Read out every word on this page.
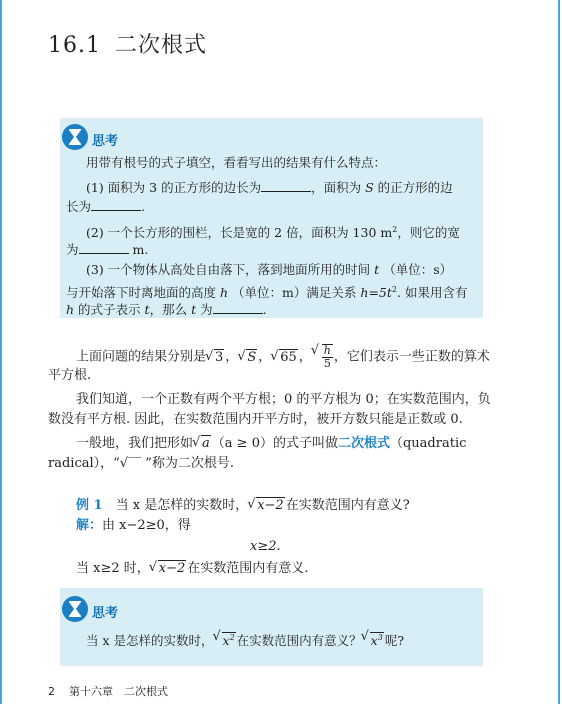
16.1 二次根式
思考
用带有根号的式子填空，看看写出的结果有什么特点：
(1) 面积为 3 的正方形的边长为	，面积为 S 的正方形的边
长为	.
(2) 一个长方形的围栏，长是宽的 2 倍，面积为 130 $m^2$，则它的宽
为	m.
(3) 一个物体从高处自由落下，落到地面所用的时间 t （单位：s）
与开始落下时离地面的高度 h （单位：m）满足关系 $h=5t^2$. 如果用含有
h 的式子表示 t，那么 t 为	.
上面问题的结果分别是 √ 3 ， √ S ， √ 65 ， √ $\frac{h}{5}$ ，它们表示一些正数的算术
平方根.
我们知道，一个正数有两个平方根；0 的平方根为 0；在实数范围内，负
数没有平方根. 因此，在实数范围内开平方时，被开方数只能是正数或 0.
一般地，我们把形如 √ a （a ≥ 0）的式子叫做二次根式（quadratic
radical），“√‾‾ ”称为二次根号.
例 1　 当 x 是怎样的实数时， √ x−2 在实数范围内有意义?
解：由 x−2≥0，得
x≥2.
当 x≥2 时， √ x−2 在实数范围内有意义.
思考
当 x 是怎样的实数时， √ $x^2$ 在实数范围内有意义？ √ $x^3$ 呢?
2 第十六章　二次根式
